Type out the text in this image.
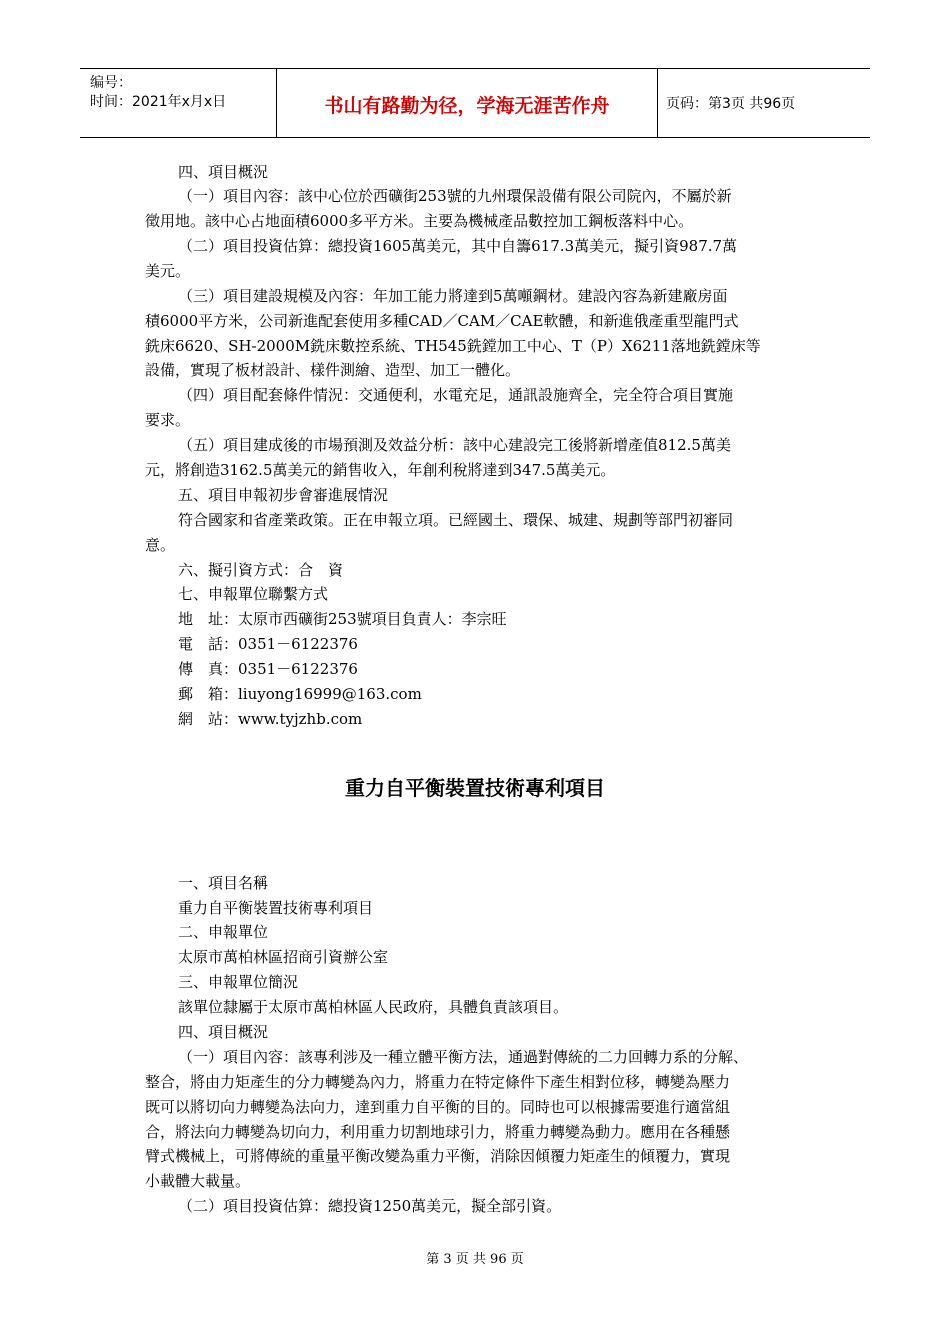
编号：
时间：2021年x月x日	书山有路勤为径，学海无涯苦作舟	页码：第3页 共96页
四、項目概況
（一）項目內容：該中心位於西礦街253號的九州環保設備有限公司院內，不屬於新
徵用地。該中心占地面積6000多平方米。主要為機械產品數控加工鋼板落料中心。
（二）項目投資估算：總投資1605萬美元，其中自籌617.3萬美元，擬引資987.7萬
美元。
（三）項目建設規模及內容：年加工能力將達到5萬噸鋼材。建設內容為新建廠房面
積6000平方米，公司新進配套使用多種CAD／CAM／CAE軟體，和新進俄產重型龍門式
銑床6620、SH-2000M銑床數控系統、TH545銑鏜加工中心、T（P）X6211落地銑鏜床等
設備，實現了板材設計、樣件測繪、造型、加工一體化。
（四）項目配套條件情況：交通便利，水電充足，通訊設施齊全，完全符合項目實施
要求。
（五）項目建成後的市場預測及效益分析：該中心建設完工後將新增產值812.5萬美
元，將創造3162.5萬美元的銷售收入，年創利稅將達到347.5萬美元。
五、項目申報初步會審進展情況
符合國家和省產業政策。正在申報立項。已經國土、環保、城建、規劃等部門初審同
意。
六、擬引資方式：合　資
七、申報單位聯繫方式
地　址：太原市西礦街253號項目負責人：李宗旺
電　話：0351－6122376
傳　真：0351－6122376
郵　箱：liuyong16999@163.com
網　站：www.tyjzhb.com
重力自平衡裝置技術專利項目
一、項目名稱
重力自平衡裝置技術專利項目
二、申報單位
太原市萬柏林區招商引資辦公室
三、申報單位簡況
該單位隸屬于太原市萬柏林區人民政府，具體負責該項目。
四、項目概況
（一）項目內容：該專利涉及一種立體平衡方法，通過對傳統的二力回轉力系的分解、
整合，將由力矩產生的分力轉變為內力，將重力在特定條件下產生相對位移，轉變為壓力
既可以將切向力轉變為法向力，達到重力自平衡的目的。同時也可以根據需要進行適當組
合，將法向力轉變為切向力，利用重力切割地球引力，將重力轉變為動力。應用在各種懸
臂式機械上，可將傳統的重量平衡改變為重力平衡，消除因傾覆力矩產生的傾覆力，實現
小載體大載量。
（二）項目投資估算：總投資1250萬美元，擬全部引資。
第 3 页 共 96 页
